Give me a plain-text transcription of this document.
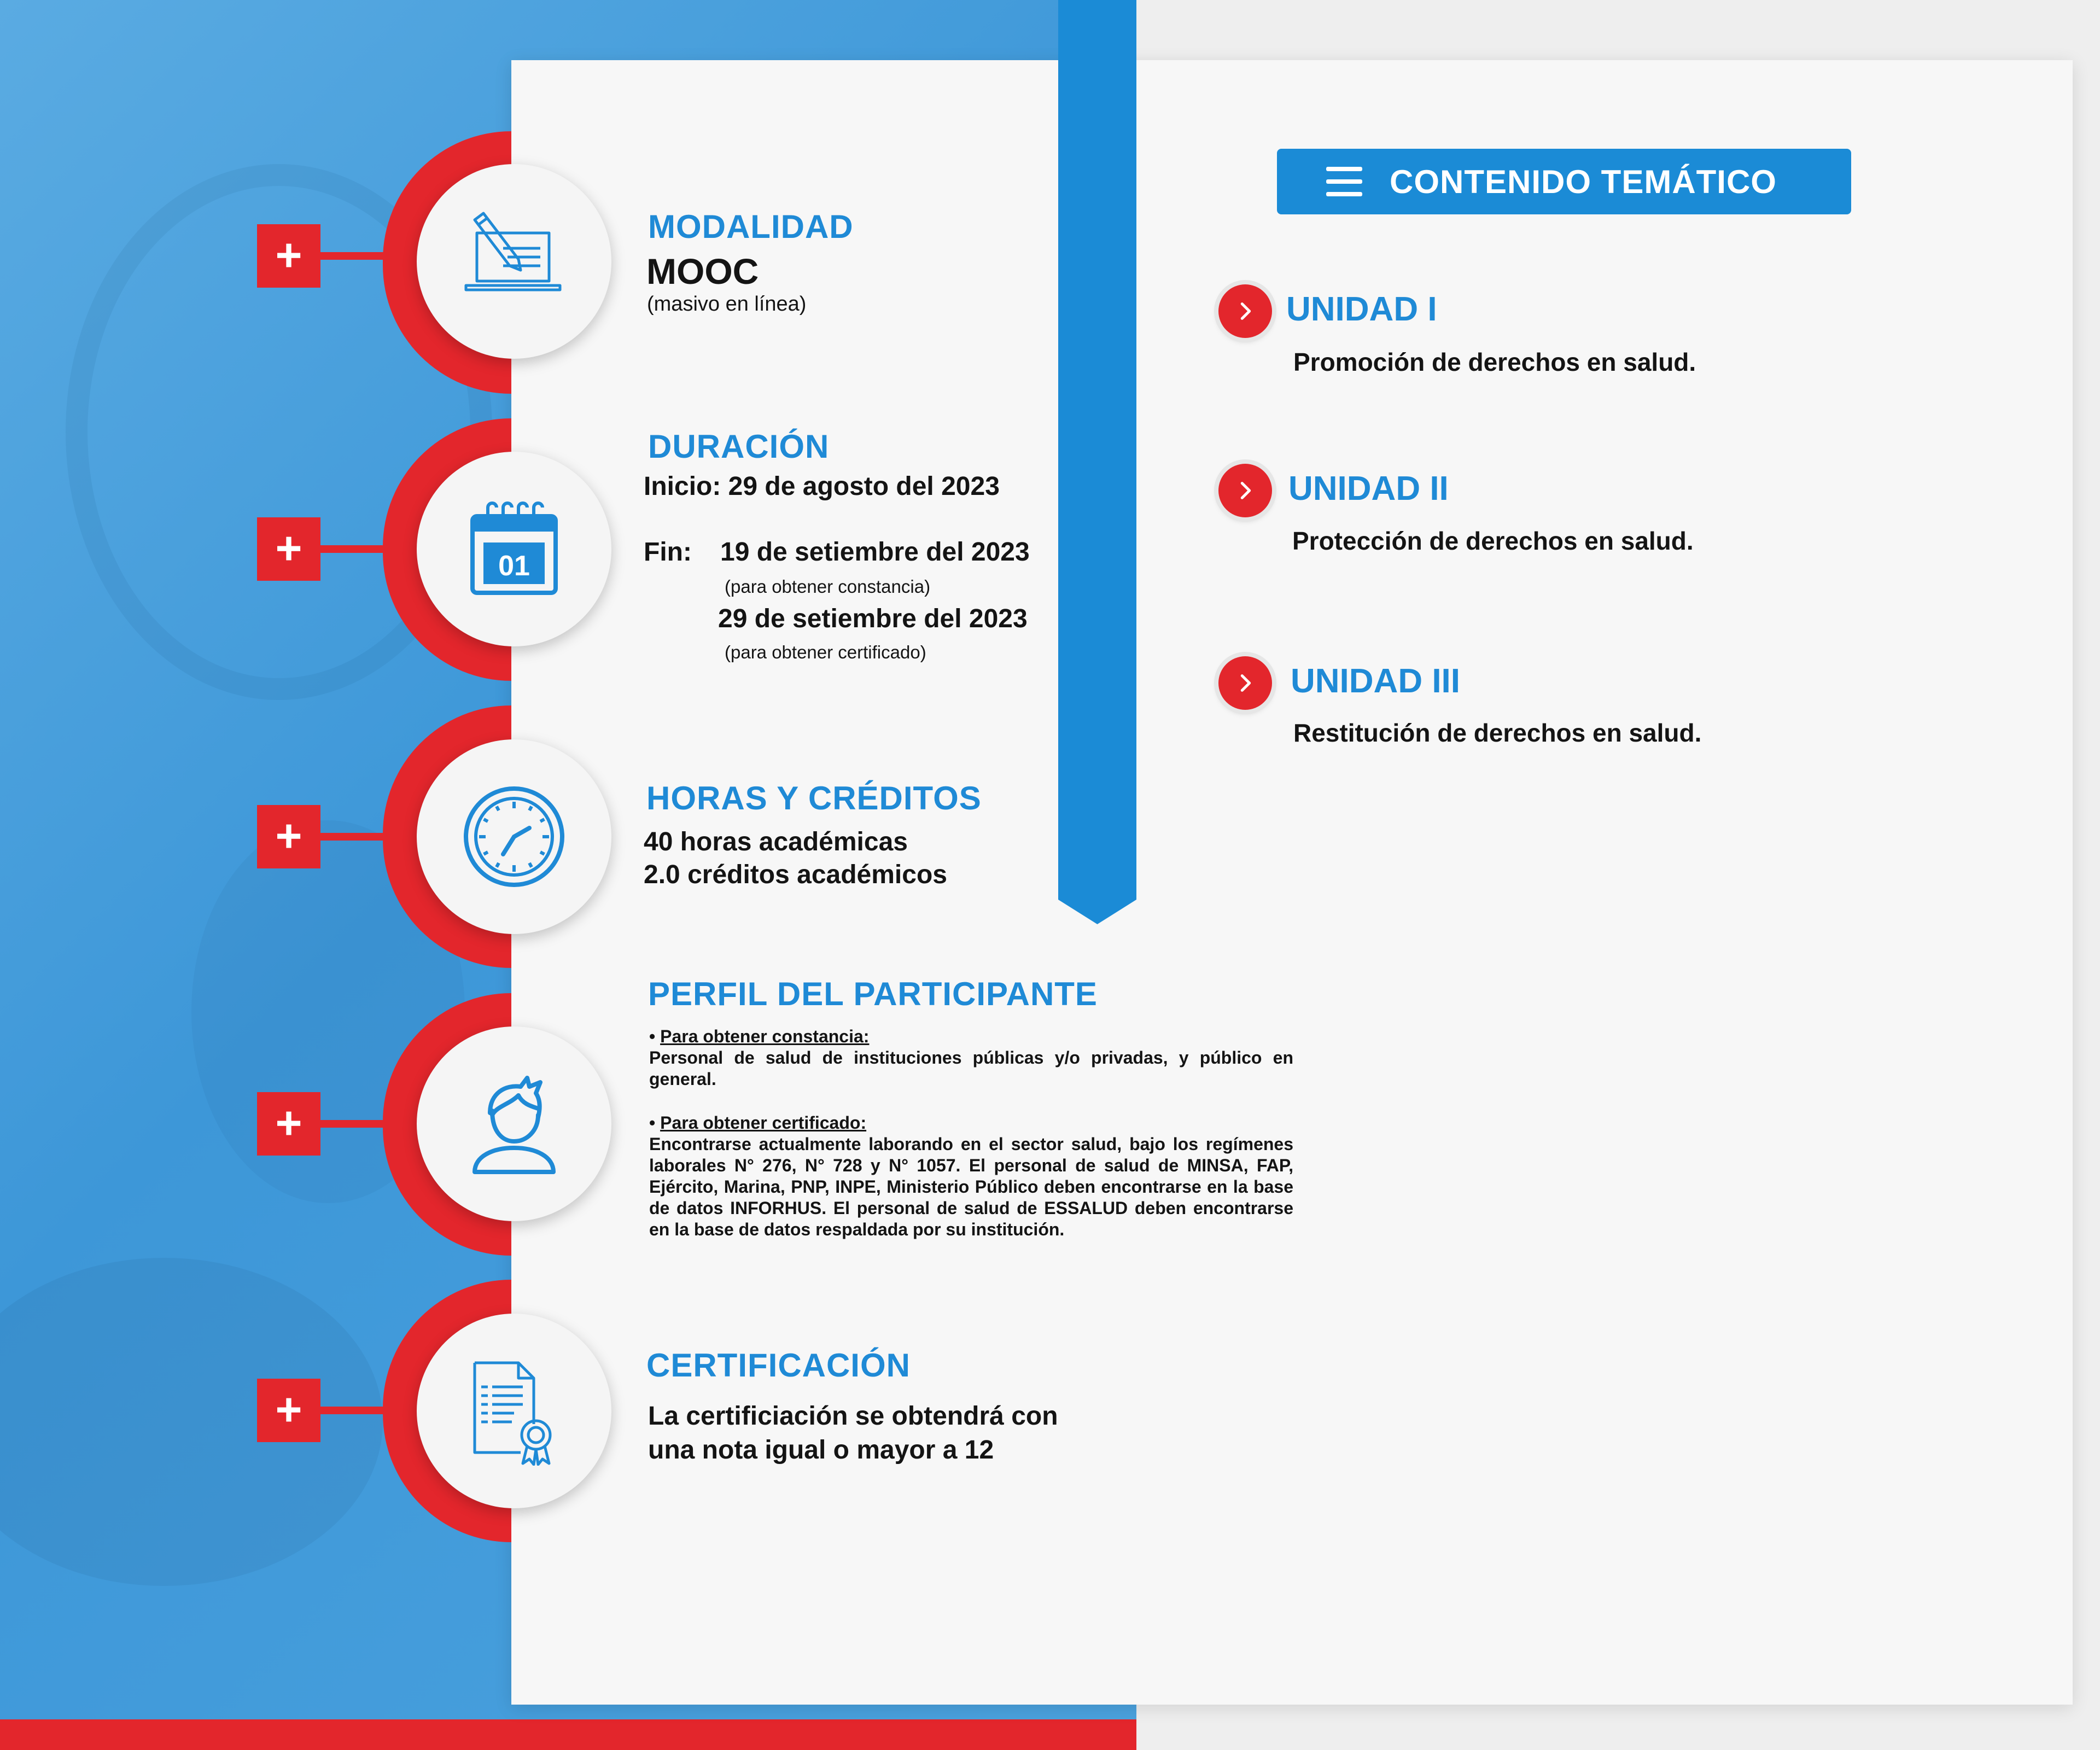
+
MODALIDAD
MOOC
(masivo en línea)
01
+
DURACIÓN
Inicio: 29 de agosto del 2023
Fin: 19 de setiembre del 2023
(para obtener constancia)
29 de setiembre del 2023
(para obtener certificado)
+
HORAS Y CRÉDITOS
40 horas académicas
2.0 créditos académicos
+
PERFIL DEL PARTICIPANTE
• Para obtener constancia:
Personal de salud de instituciones públicas y/o privadas, y público en general.
• Para obtener certificado:
Encontrarse actualmente laborando en el sector salud, bajo los regímenes laborales N° 276, N° 728 y N° 1057. El personal de salud de MINSA, FAP, Ejército, Marina, PNP, INPE, Ministerio Público deben encontrarse en la base de datos INFORHUS. El personal de salud de ESSALUD deben encontrarse en la base de datos respaldada por su institución.
+
CERTIFICACIÓN
La certificiación se obtendrá con
una nota igual o mayor a 12
CONTENIDO TEMÁTICO
UNIDAD I
Promoción de derechos en salud.
UNIDAD II
Protección de derechos en salud.
UNIDAD III
Restitución de derechos en salud.
